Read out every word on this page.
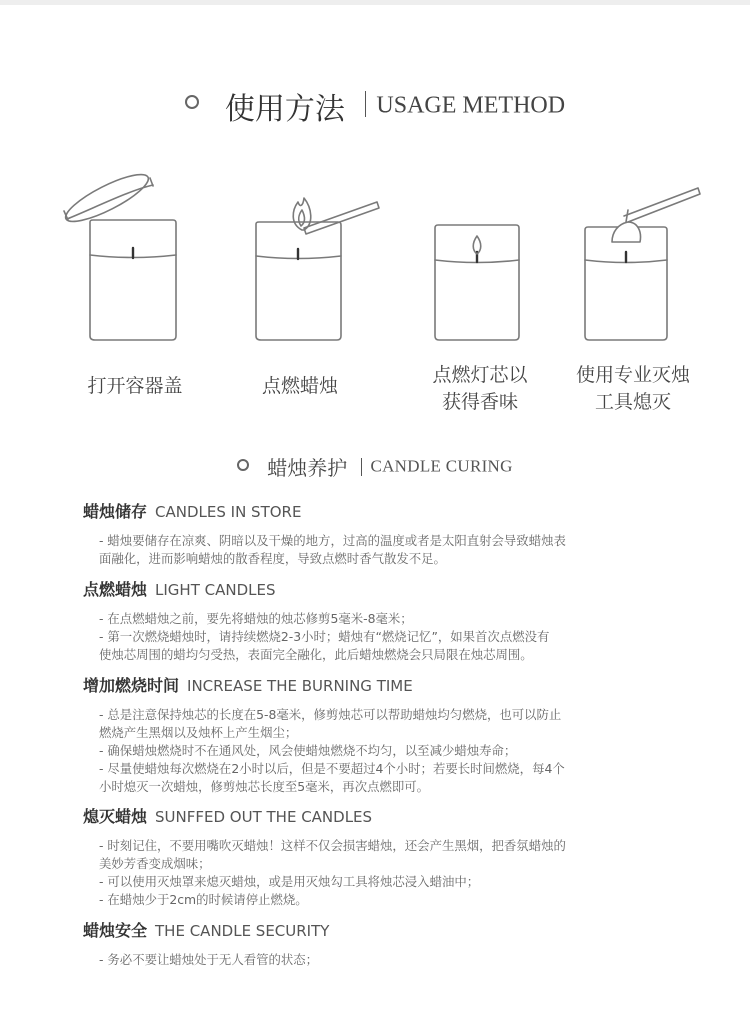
使用方法 USAGE METHOD
打开容器盖	点燃蜡烛	点燃灯芯以
获得香味
使用专业灭烛
工具熄灭
蜡烛养护 CANDLE CURING
蜡烛储存 CANDLES IN STORE
- 蜡烛要储存在凉爽、阴暗以及干燥的地方，过高的温度或者是太阳直射会导致蜡烛表
面融化，进而影响蜡烛的散香程度，导致点燃时香气散发不足。
点燃蜡烛 LIGHT CANDLES
- 在点燃蜡烛之前，要先将蜡烛的烛芯修剪5毫米-8毫米；
- 第一次燃烧蜡烛时，请持续燃烧2-3小时；蜡烛有“燃烧记忆”，如果首次点燃没有
使烛芯周围的蜡均匀受热，表面完全融化，此后蜡烛燃烧会只局限在烛芯周围。
增加燃烧时间 INCREASE THE BURNING TIME
- 总是注意保持烛芯的长度在5-8毫米，修剪烛芯可以帮助蜡烛均匀燃烧，也可以防止
燃烧产生黑烟以及烛杯上产生烟尘；
- 确保蜡烛燃烧时不在通风处，风会使蜡烛燃烧不均匀，以至减少蜡烛寿命；
- 尽量使蜡烛每次燃烧在2小时以后，但是不要超过4个小时；若要长时间燃烧，每4个
小时熄灭一次蜡烛，修剪烛芯长度至5毫米，再次点燃即可。
熄灭蜡烛 SUNFFED OUT THE CANDLES
- 时刻记住，不要用嘴吹灭蜡烛！这样不仅会损害蜡烛，还会产生黑烟，把香氛蜡烛的
美妙芳香变成烟味；
- 可以使用灭烛罩来熄灭蜡烛，或是用灭烛勾工具将烛芯浸入蜡油中；
- 在蜡烛少于2cm的时候请停止燃烧。
蜡烛安全 THE CANDLE SECURITY
- 务必不要让蜡烛处于无人看管的状态；
